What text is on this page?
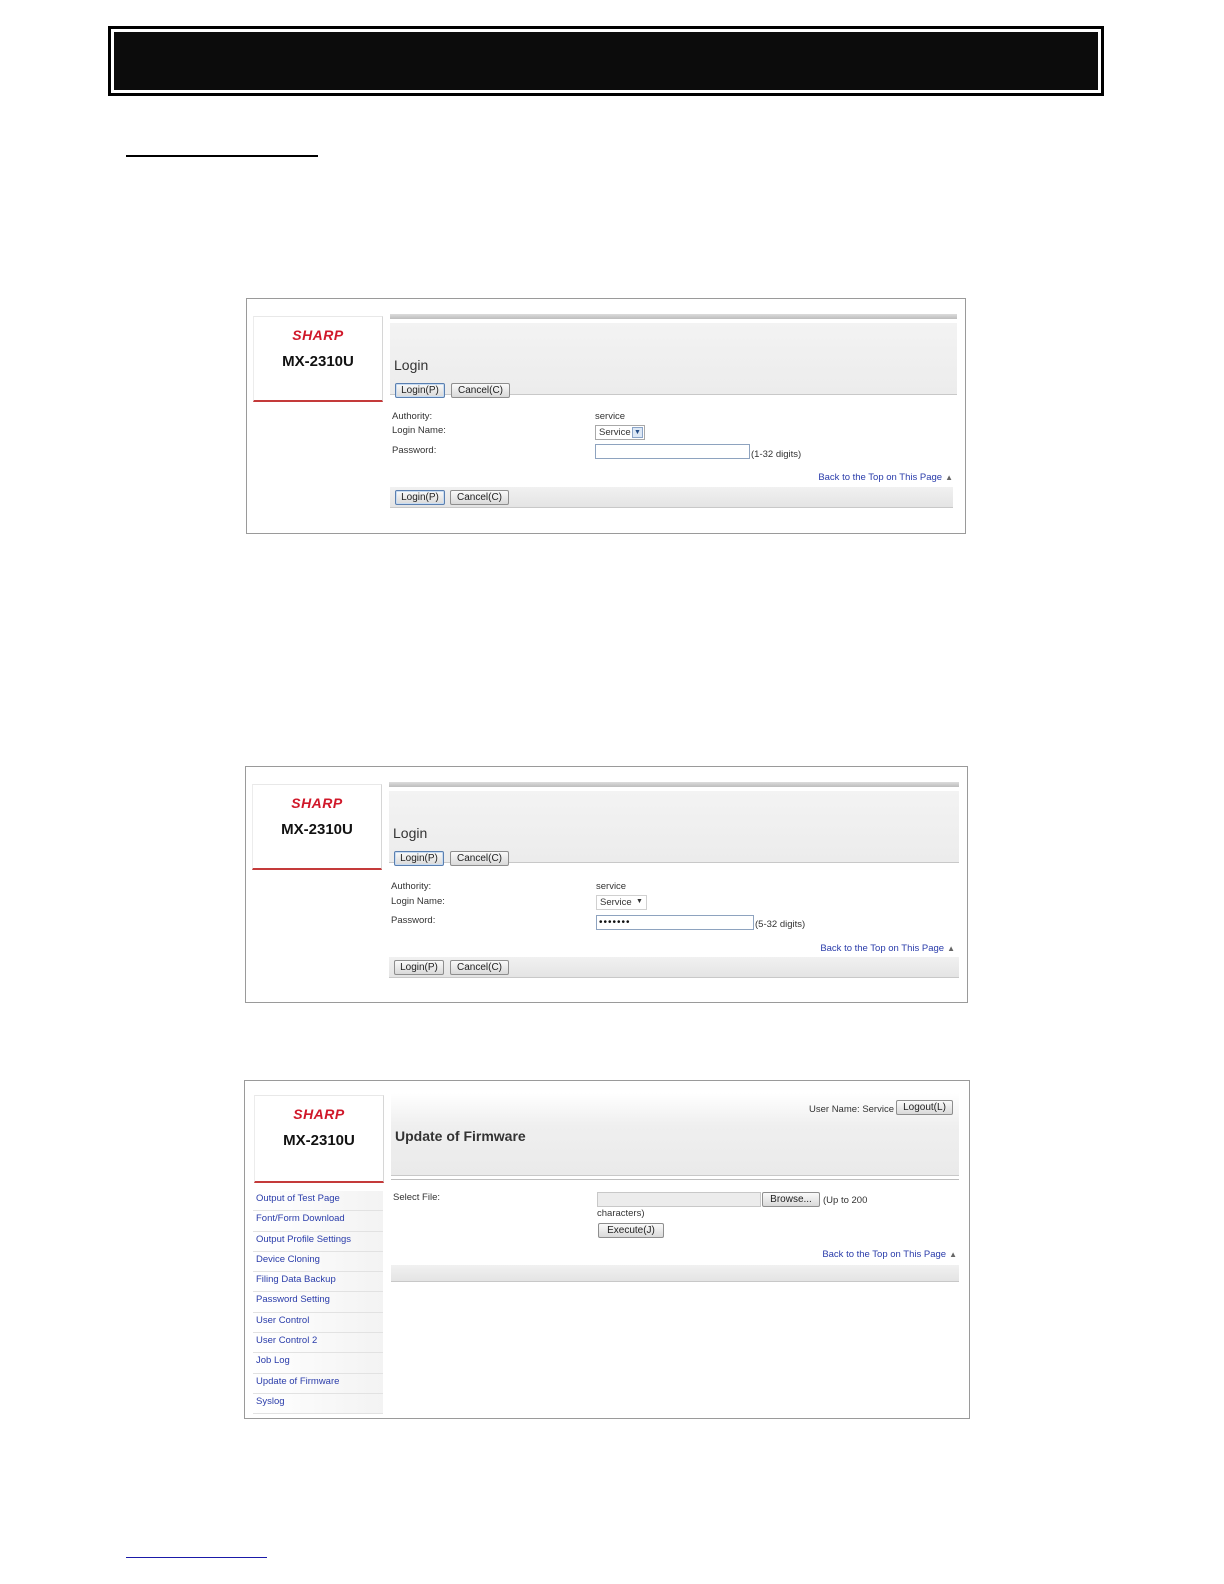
SHARP
MX-2310U	Login
Login(P)	Cancel(C)
Authority:	service
Login Name:	Service ▼
Password:	(1-32 digits)
Back to the Top on This Page ▲
Login(P)	Cancel(C)
SHARP
MX-2310U	Login
Login(P)	Cancel(C)
Authority:	service
Login Name:	Service ▼
Password:	•••••••	(5-32 digits)
Back to the Top on This Page ▲
Login(P)	Cancel(C)
SHARP
MX-2310U
Output of Test Page
Font/Form Download
Output Profile Settings
Device Cloning
Filing Data Backup
Password Setting
User Control
User Control 2
Job Log
Update of Firmware
Syslog
Update of Firmware
User Name: Service Logout(L)
Select File:	Browse...	(Up to 200
characters)
Execute(J)
Back to the Top on This Page ▲
